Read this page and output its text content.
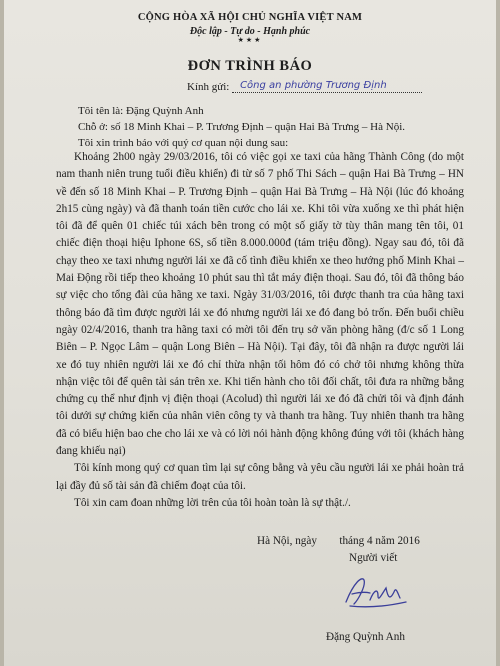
CỘNG HÒA XÃ HỘI CHỦ NGHĨA VIỆT NAM
Độc lập - Tự do - Hạnh phúc
★★★
ĐƠN TRÌNH BÁO
Kính gửi: Công an phường Trương Định
Tôi tên là: Đặng Quỳnh Anh
Chỗ ở: số 18 Minh Khai – P. Trương Định – quận Hai Bà Trưng – Hà Nội.
Tôi xin trình báo với quý cơ quan nội dung sau:

Khoảng 2h00 ngày 29/03/2016, tôi có việc gọi xe taxi của hãng Thành Công (do một nam thanh niên trung tuổi điều khiển) đi từ số 7 phố Thi Sách – quận Hai Bà Trưng – HN về đến số 18 Minh Khai – P. Trương Định – quận Hai Bà Trưng – Hà Nội (lúc đó khoảng 2h15 cùng ngày) và đã thanh toán tiền cước cho lái xe. Khi tôi vừa xuống xe thì phát hiện tôi đã để quên 01 chiếc túi xách bên trong có một số giấy tờ tùy thân mang tên tôi, 01 chiếc điện thoại hiệu Iphone 6S, số tiền 8.000.000đ (tám triệu đồng). Ngay sau đó, tôi đã chạy theo xe taxi nhưng người lái xe đã cố tình điều khiển xe theo hướng phố Minh Khai – Mai Động rồi tiếp theo khoảng 10 phút sau thì tắt máy điện thoại. Sau đó, tôi đã thông báo sự việc cho tổng đài của hãng xe taxi. Ngày 31/03/2016, tôi được thanh tra của hãng taxi thông báo đã tìm được người lái xe đó nhưng người lái xe đó đang bỏ trốn. Đến buổi chiều ngày 02/4/2016, thanh tra hãng taxi có mời tôi đến trụ sở văn phòng hãng (đ/c số 1 Long Biên – P. Ngọc Lâm – quận Long Biên – Hà Nội). Tại đây, tôi đã nhận ra được người lái xe đó tuy nhiên người lái xe đó chỉ thừa nhận tối hôm đó có chở tôi nhưng không thừa nhận việc tôi để quên tài sản trên xe. Khi tiến hành cho tôi đối chất, tôi đưa ra những bằng chứng cụ thể như định vị điện thoại (Acolud) thì người lái xe đó đã chửi tôi và định đánh tôi dưới sự chứng kiến của nhân viên công ty và thanh tra hãng. Tuy nhiên thanh tra hãng đã có biểu hiện bao che cho lái xe và có lời nói hành động không đúng với tôi (khách hàng đang khiếu nại)

Tôi kính mong quý cơ quan tìm lại sự công bằng và yêu cầu người lái xe phải hoàn trả lại đầy đủ số tài sản đã chiếm đoạt của tôi.

Tôi xin cam đoan những lời trên của tôi hoàn toàn là sự thật./.

Hà Nội, ngày        tháng 4 năm 2016
Người viết
Đặng Quỳnh Anh
